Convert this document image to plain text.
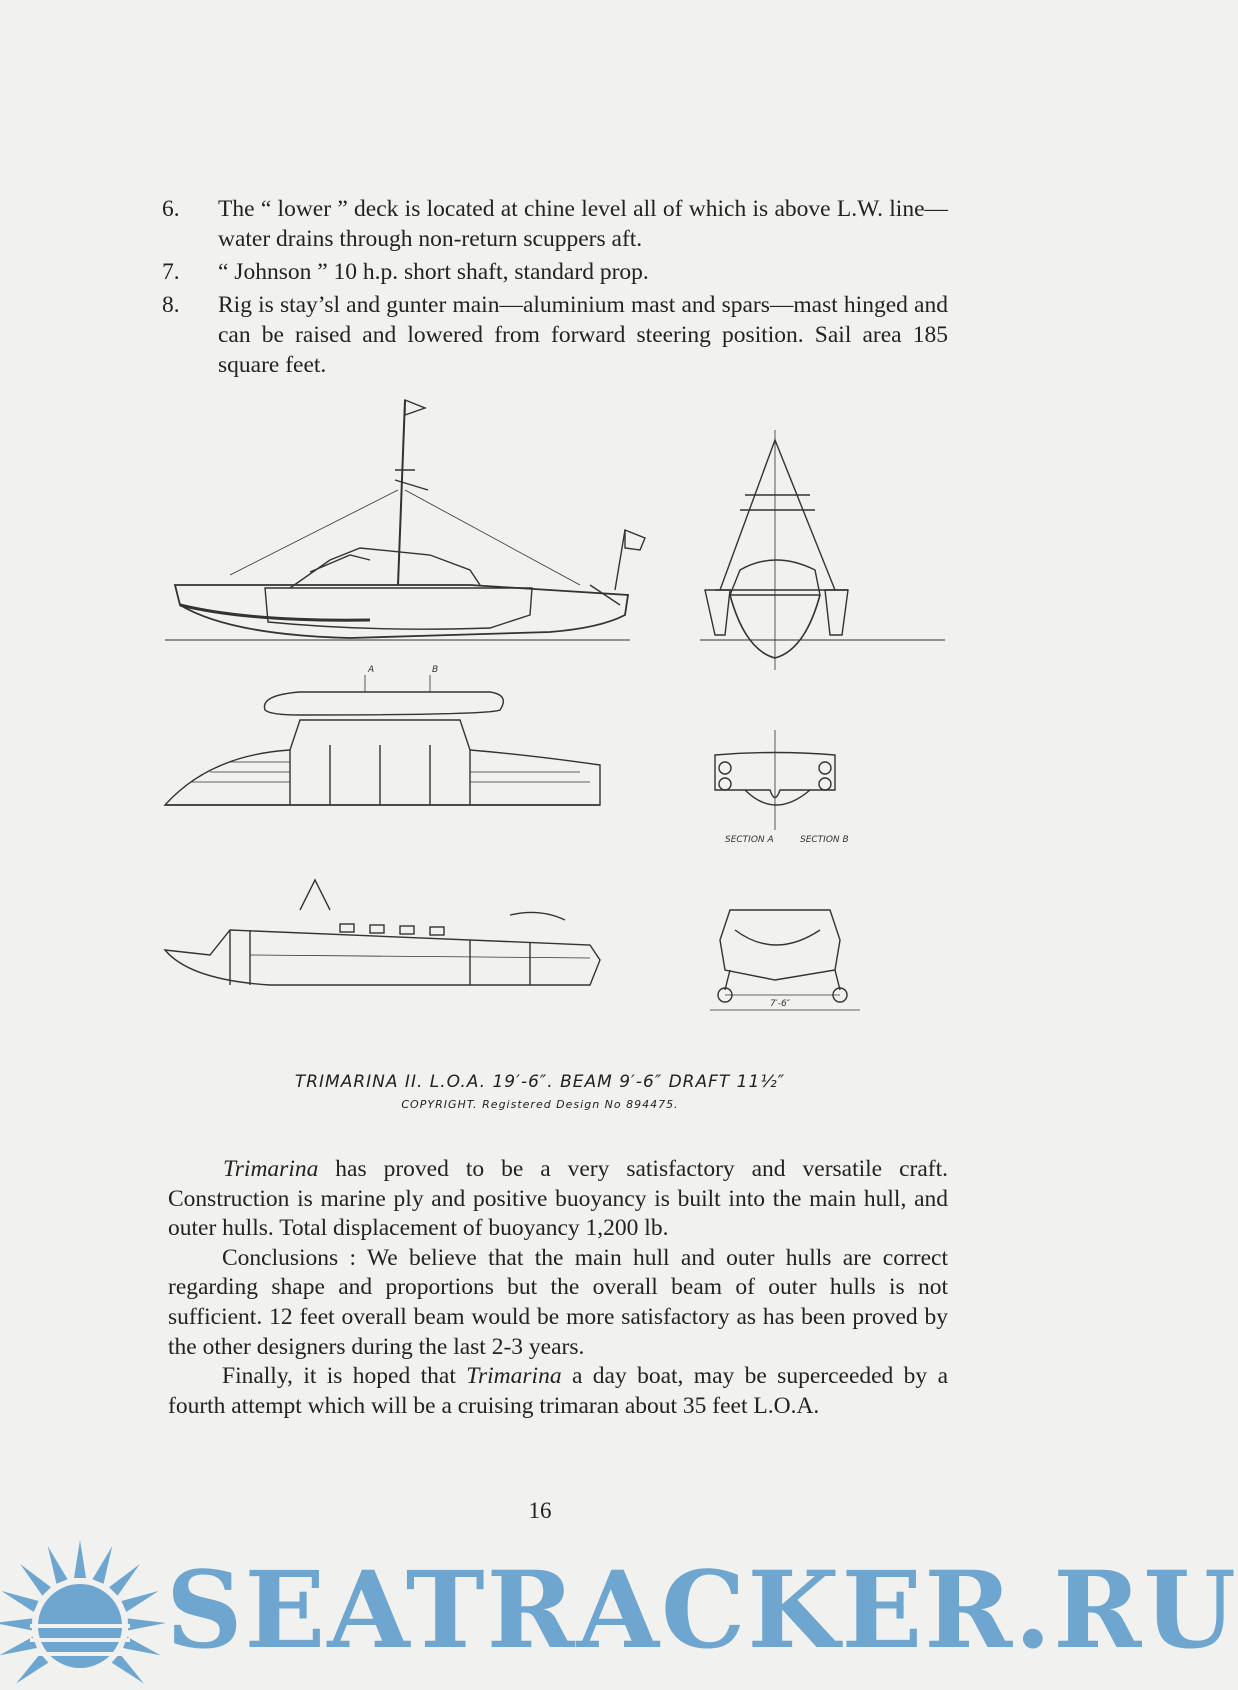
6.	The “ lower ” deck is located at chine level all of which is above L.W. line—water drains through non-return scuppers aft.
7.	“ Johnson ” 10 h.p. short shaft, standard prop.
8.	Rig is stay’sl and gunter main—aluminium mast and spars—mast hinged and can be raised and lowered from forward steering position. Sail area 185 square feet.
A	B
SECTION A	SECTION B
7′-6″
TRIMARINA II. L.O.A. 19′-6″. BEAM 9′-6″ DRAFT 11½″
COPYRIGHT. Registered Design No 894475.

Trimarina has proved to be a very satisfactory and versatile craft. Construction is marine ply and positive buoyancy is built into the main hull, and outer hulls. Total displacement of buoyancy 1,200 lb.

Conclusions : We believe that the main hull and outer hulls are correct regarding shape and proportions but the overall beam of outer hulls is not sufficient. 12 feet overall beam would be more satisfactory as has been proved by the other designers during the last 2-3 years.

Finally, it is hoped that Trimarina a day boat, may be superceeded by a fourth attempt which will be a cruising trimaran about 35 feet L.O.A.

16
SEATRACKER.RU
